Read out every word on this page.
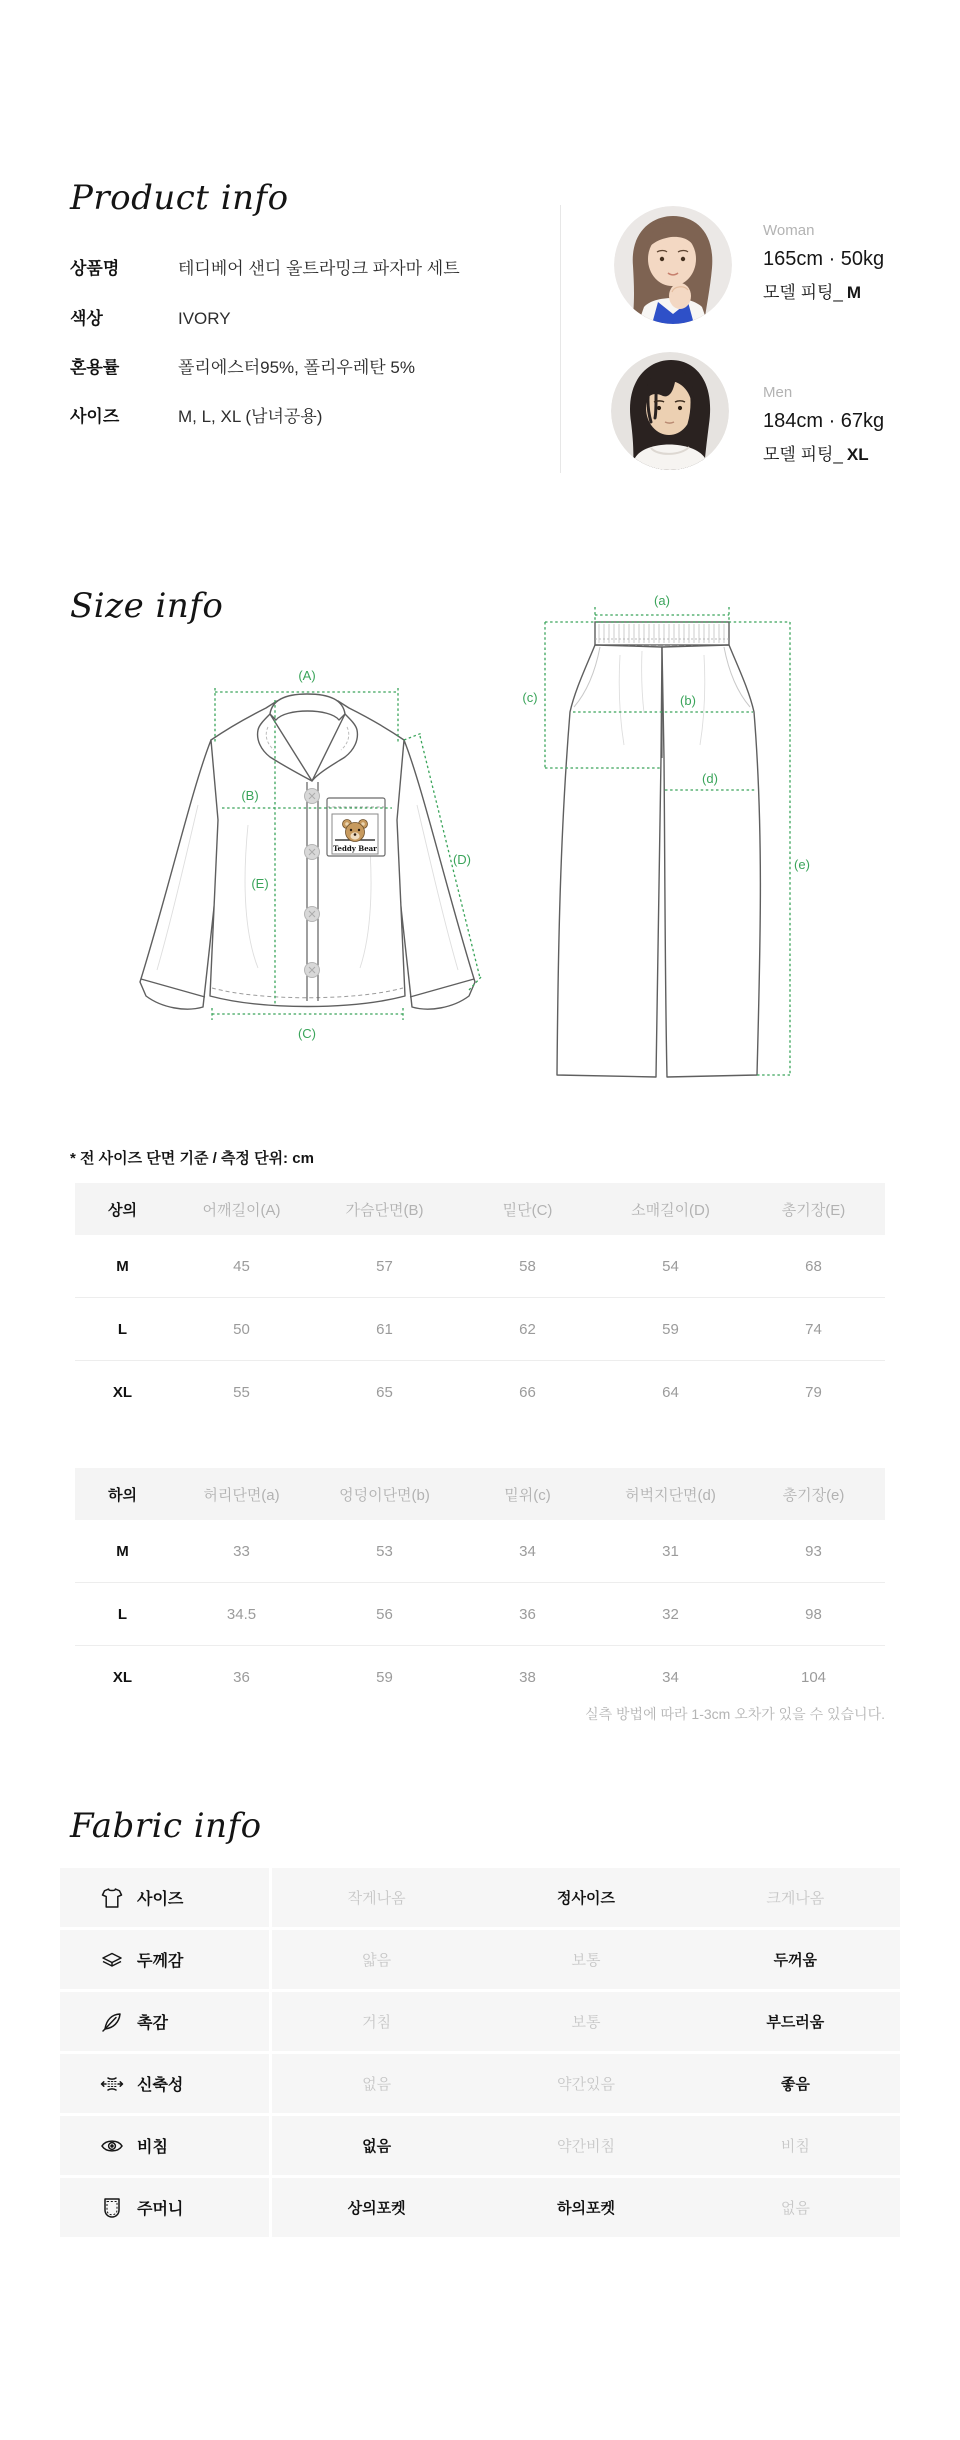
Product info
상품명	테디베어 샌디 울트라밍크 파자마 세트
색상	IVORY
혼용률	폴리에스터95%, 폴리우레탄 5%
사이즈	M, L, XL (남녀공용)
Woman
165cm · 50kg
모델 피팅_ M
Men
184cm · 67kg
모델 피팅_ XL
Size info
Teddy Bear
(A)
(B)
(C)
(D)
(E)
(a)
(b)
(c)
(d)
(e)
* 전 사이즈 단면 기준 / 측정 단위: cm
상의	어깨길이(A)	가슴단면(B)	밑단(C)	소매길이(D)	총기장(E)
M	45	57	58	54	68
L	50	61	62	59	74
XL	55	65	66	64	79
하의	허리단면(a)	엉덩이단면(b)	밑위(c)	허벅지단면(d)	총기장(e)
M	33	53	34	31	93
L	34.5	56	36	32	98
XL	36	59	38	34	104
실측 방법에 따라 1-3cm 오차가 있을 수 있습니다.
Fabric info
사이즈	작게나옴	정사이즈	크게나옴
두께감	얇음	보통	두꺼움
촉감	거침	보통	부드러움
신축성	없음	약간있음	좋음
비침	없음	약간비침	비침
주머니	상의포켓	하의포켓	없음
